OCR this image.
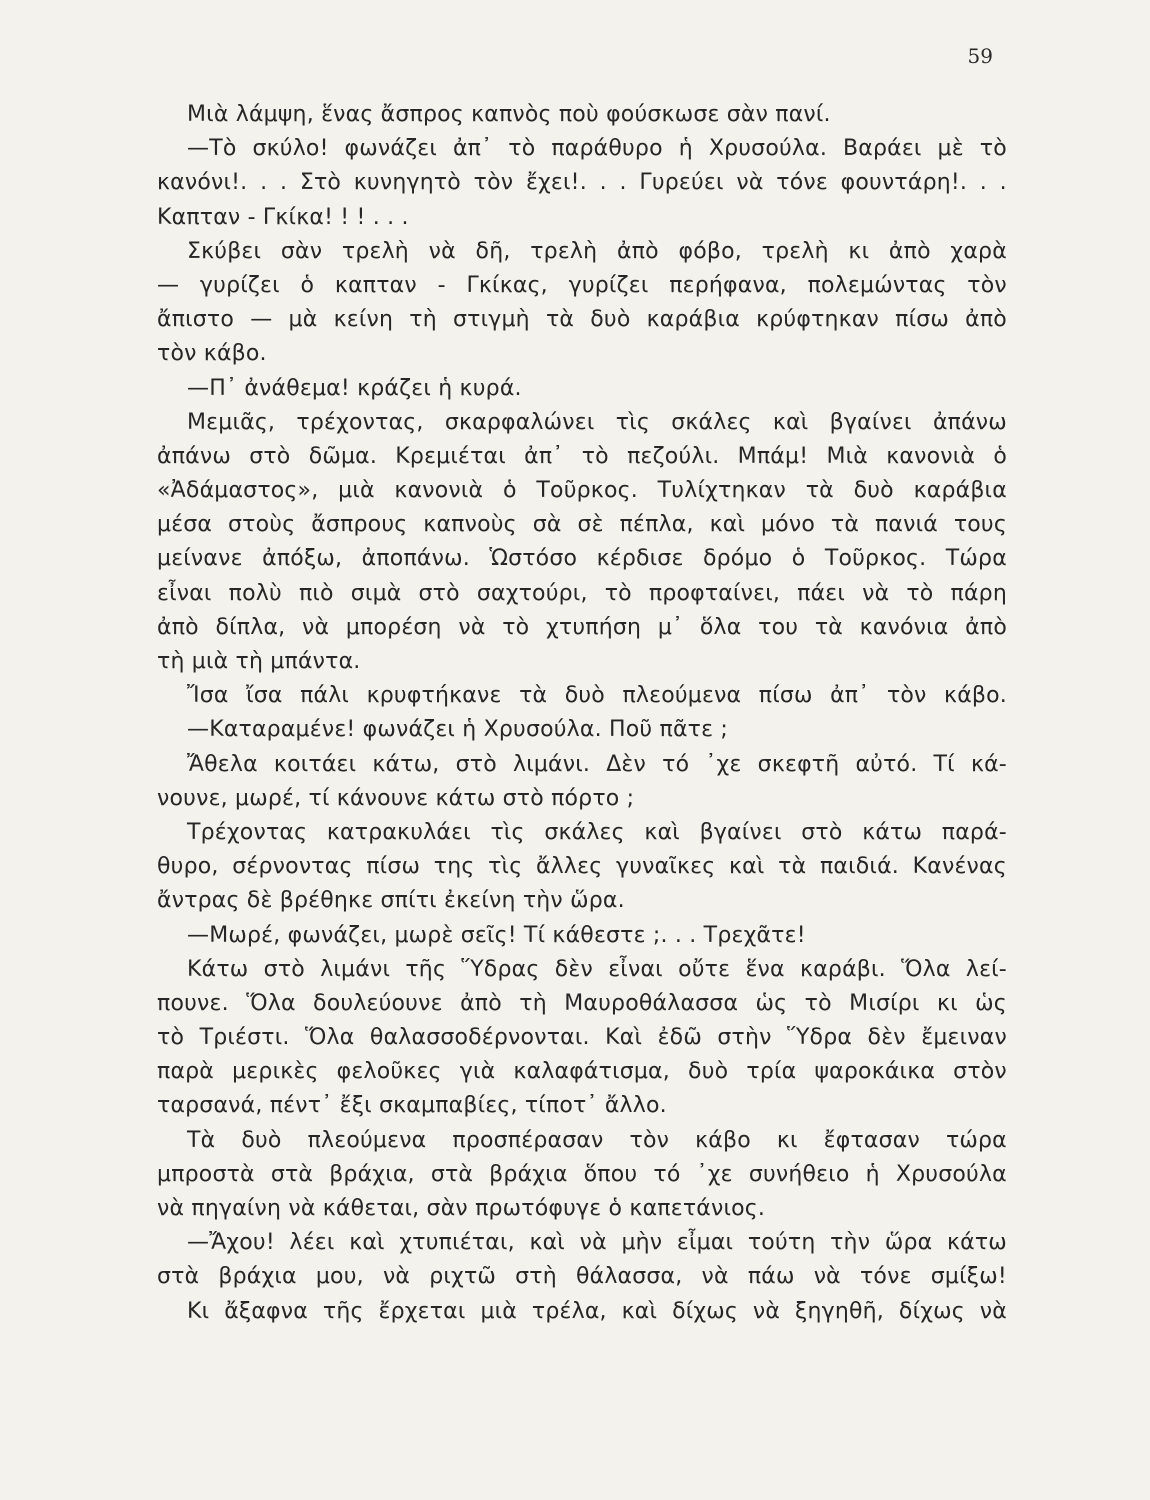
59
Μιὰ λάμψη, ἕνας ἄσπρος καπνὸς ποὺ φούσκωσε σὰν πανί.
—Τὸ σκύλο! φωνάζει ἀπ᾿ τὸ παράθυρο ἡ Χρυσούλα. Βαράει μὲ τὸ
κανόνι!. . . Στὸ κυνηγητὸ τὸν ἔχει!. . . Γυρεύει νὰ τόνε φουντάρη!. . .
Καπταν - Γκίκα! ! ! . . .
Σκύβει σὰν τρελὴ νὰ δῆ, τρελὴ ἀπὸ φόβο, τρελὴ κι ἀπὸ χαρὰ
— γυρίζει ὁ καπταν - Γκίκας, γυρίζει περήφανα, πολεμώντας τὸν
ἄπιστο — μὰ κείνη τὴ στιγμὴ τὰ δυὸ καράβια κρύφτηκαν πίσω ἀπὸ
τὸν κάβο.
—Π᾿ ἀνάθεμα! κράζει ἡ κυρά.
Μεμιᾶς, τρέχοντας, σκαρφαλώνει τὶς σκάλες καὶ βγαίνει ἀπάνω
ἀπάνω στὸ δῶμα. Κρεμιέται ἀπ᾿ τὸ πεζούλι. Μπάμ! Μιὰ κανονιὰ ὁ
«Ἀδάμαστος», μιὰ κανονιὰ ὁ Τοῦρκος. Τυλίχτηκαν τὰ δυὸ καράβια
μέσα στοὺς ἄσπρους καπνοὺς σὰ σὲ πέπλα, καὶ μόνο τὰ πανιά τους
μείνανε ἀπόξω, ἀποπάνω. Ὡστόσο κέρδισε δρόμο ὁ Τοῦρκος. Τώρα
εἶναι πολὺ πιὸ σιμὰ στὸ σαχτούρι, τὸ προφταίνει, πάει νὰ τὸ πάρη
ἀπὸ δίπλα, νὰ μπορέση νὰ τὸ χτυπήση μ᾿ ὅλα του τὰ κανόνια ἀπὸ
τὴ μιὰ τὴ μπάντα.
Ἴσα ἴσα πάλι κρυφτήκανε τὰ δυὸ πλεούμενα πίσω ἀπ᾿ τὸν κάβο.
—Καταραμένε! φωνάζει ἡ Χρυσούλα. Ποῦ πᾶτε ;
Ἄθελα κοιτάει κάτω, στὸ λιμάνι. Δὲν τό ᾿χε σκεφτῆ αὐτό. Τί κά-
νουνε, μωρέ, τί κάνουνε κάτω στὸ πόρτο ;
Τρέχοντας κατρακυλάει τὶς σκάλες καὶ βγαίνει στὸ κάτω παρά-
θυρο, σέρνοντας πίσω της τὶς ἄλλες γυναῖκες καὶ τὰ παιδιά. Κανένας
ἄντρας δὲ βρέθηκε σπίτι ἐκείνη τὴν ὥρα.
—Μωρέ, φωνάζει, μωρὲ σεῖς! Τί κάθεστε ;. . . Τρεχᾶτε!
Κάτω στὸ λιμάνι τῆς Ὕδρας δὲν εἶναι οὔτε ἕνα καράβι. Ὅλα λεί-
πουνε. Ὅλα δουλεύουνε ἀπὸ τὴ Μαυροθάλασσα ὡς τὸ Μισίρι κι ὡς
τὸ Τριέστι. Ὅλα θαλασσοδέρνονται. Καὶ ἐδῶ στὴν Ὕδρα δὲν ἔμειναν
παρὰ μερικὲς φελοῦκες γιὰ καλαφάτισμα, δυὸ τρία ψαροκάικα στὸν
ταρσανά, πέντ᾿ ἔξι σκαμπαβίες, τίποτ᾿ ἄλλο.
Τὰ δυὸ πλεούμενα προσπέρασαν τὸν κάβο κι ἔφτασαν τώρα
μπροστὰ στὰ βράχια, στὰ βράχια ὅπου τό ᾿χε συνήθειο ἡ Χρυσούλα
νὰ πηγαίνη νὰ κάθεται, σὰν πρωτόφυγε ὁ καπετάνιος.
—Ἄχου! λέει καὶ χτυπιέται, καὶ νὰ μὴν εἶμαι τούτη τὴν ὥρα κάτω
στὰ βράχια μου, νὰ ριχτῶ στὴ θάλασσα, νὰ πάω νὰ τόνε σμίξω!
Κι ἄξαφνα τῆς ἔρχεται μιὰ τρέλα, καὶ δίχως νὰ ξηγηθῆ, δίχως νὰ
